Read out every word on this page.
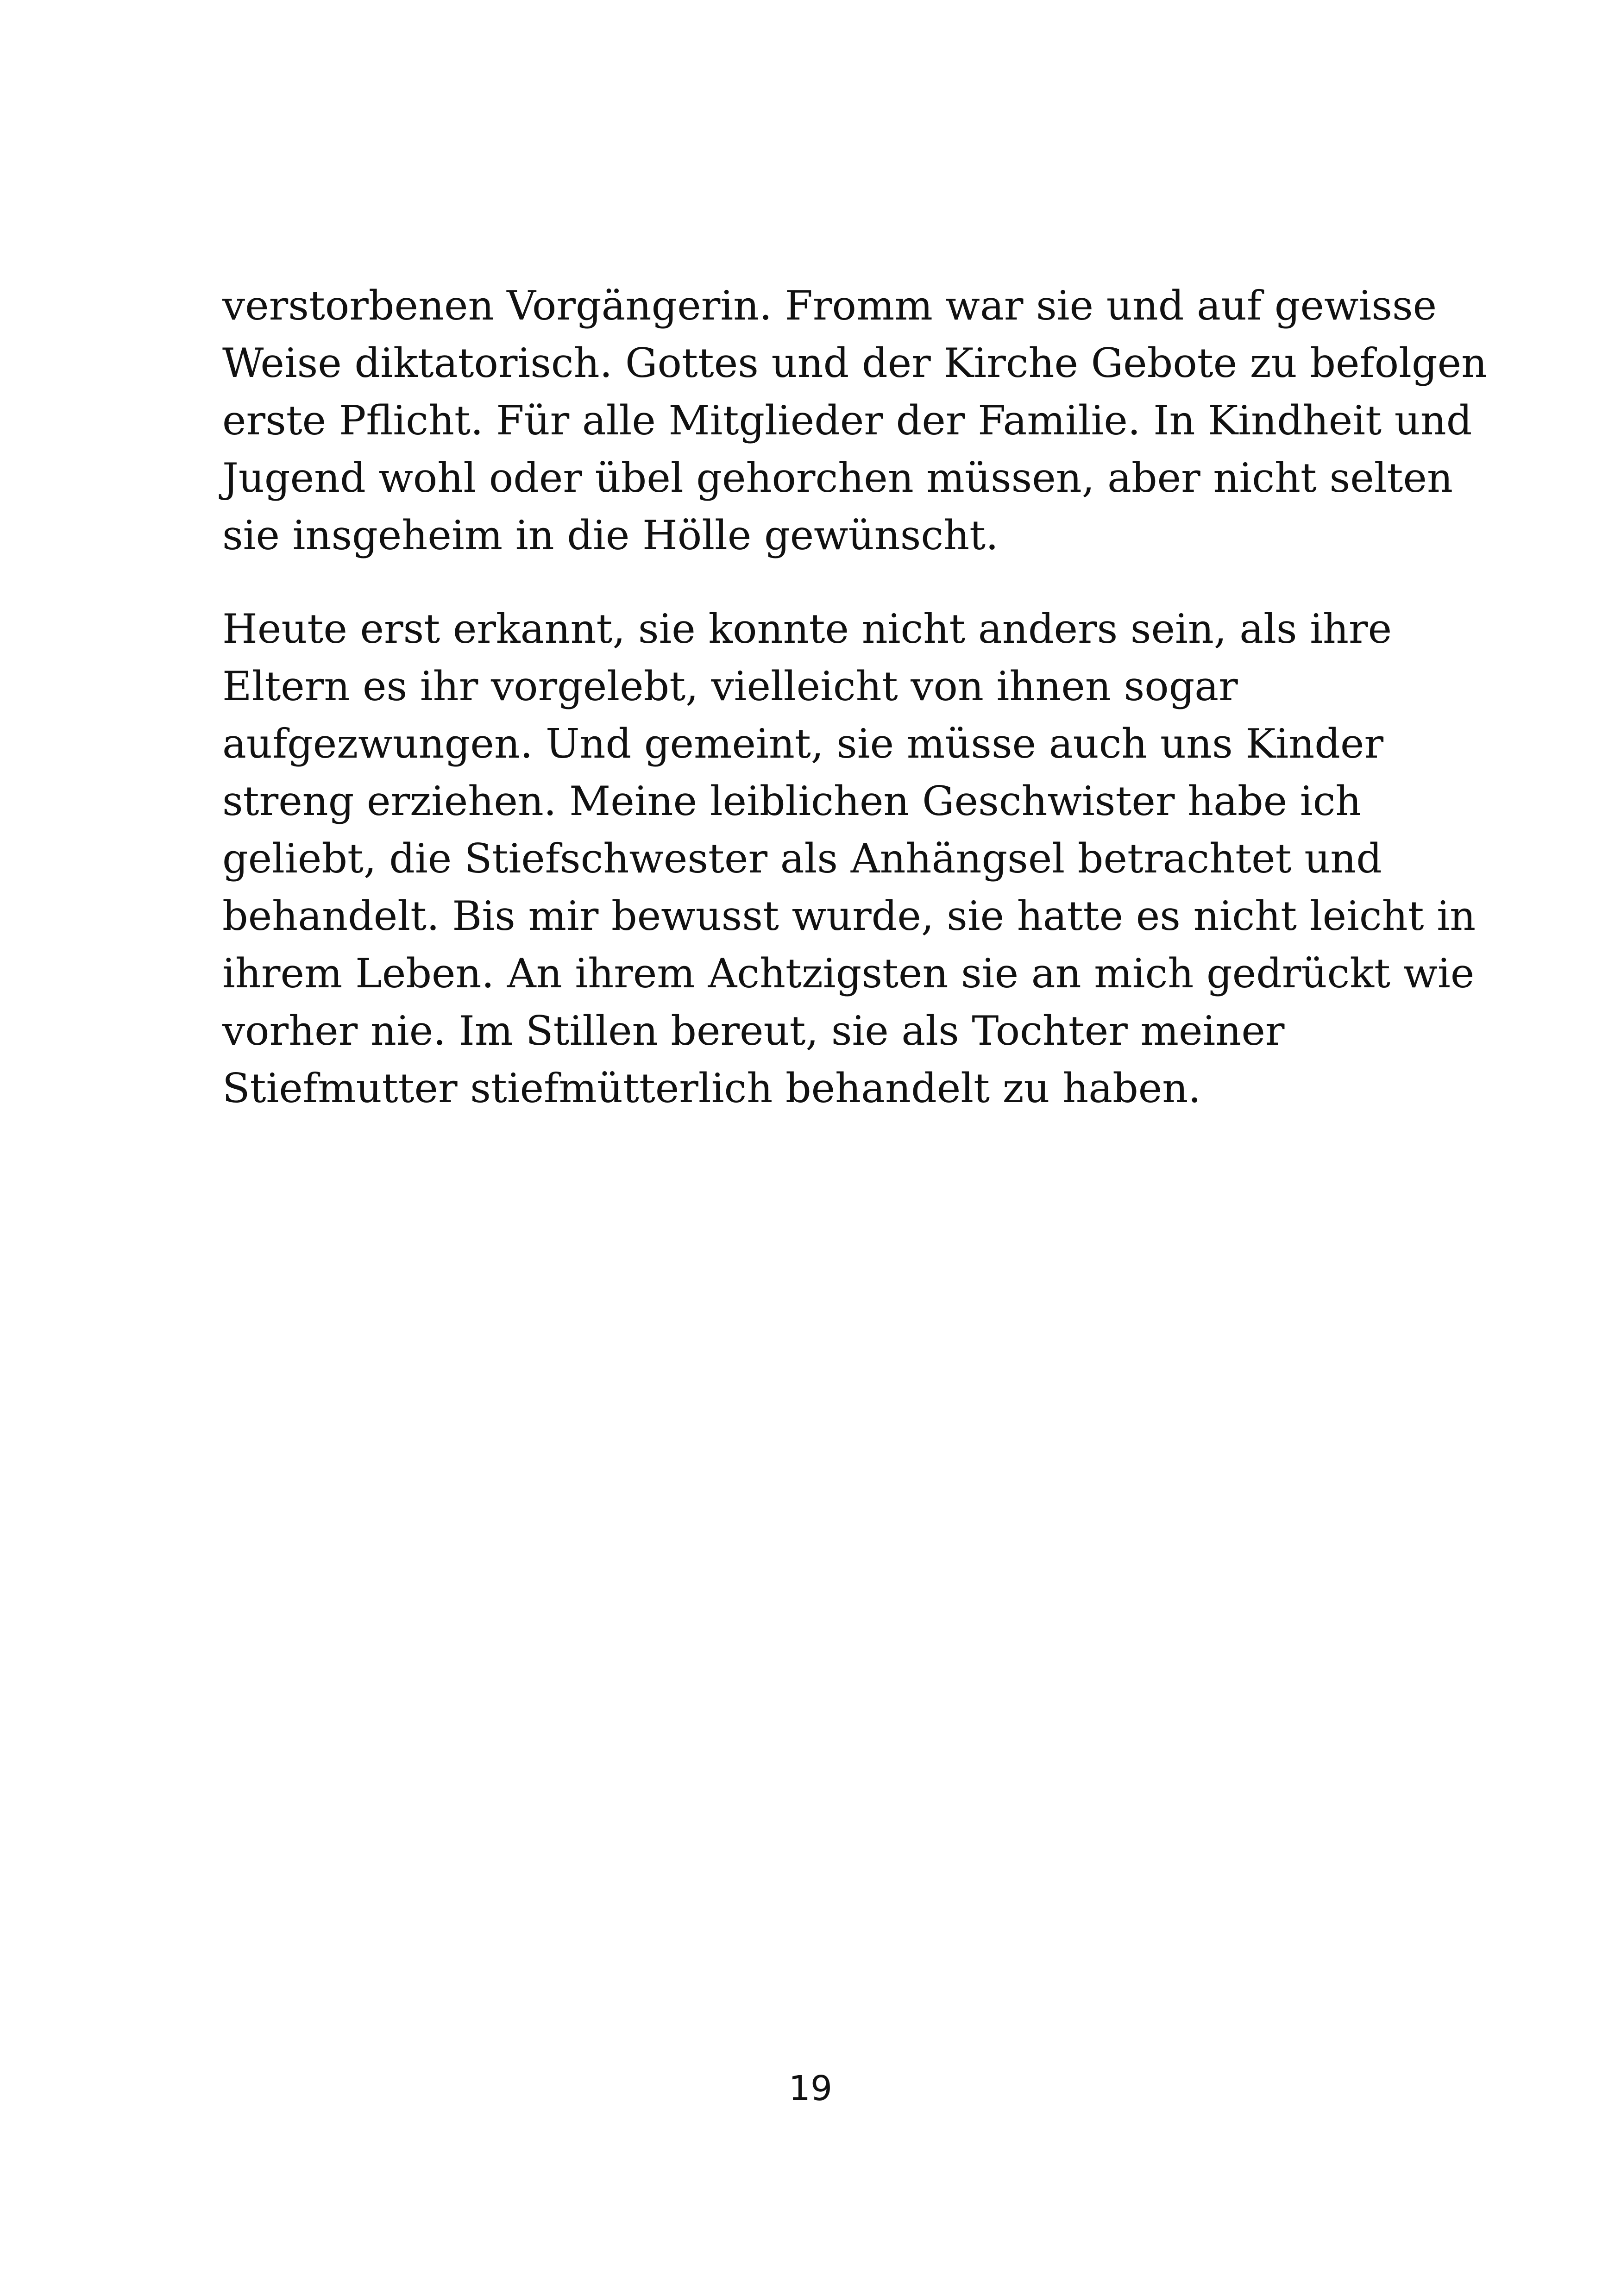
verstorbenen Vorgängerin. Fromm war sie und auf gewisse
Weise diktatorisch. Gottes und der Kirche Gebote zu befolgen
erste Pflicht. Für alle Mitglieder der Familie. In Kindheit und
Jugend wohl oder übel gehorchen müssen, aber nicht selten
sie insgeheim in die Hölle gewünscht.

Heute erst erkannt, sie konnte nicht anders sein, als ihre
Eltern es ihr vorgelebt, vielleicht von ihnen sogar
aufgezwungen. Und gemeint, sie müsse auch uns Kinder
streng erziehen. Meine leiblichen Geschwister habe ich
geliebt, die Stiefschwester als Anhängsel betrachtet und
behandelt. Bis mir bewusst wurde, sie hatte es nicht leicht in
ihrem Leben. An ihrem Achtzigsten sie an mich gedrückt wie
vorher nie. Im Stillen bereut, sie als Tochter meiner
Stiefmutter stiefmütterlich behandelt zu haben.

19
